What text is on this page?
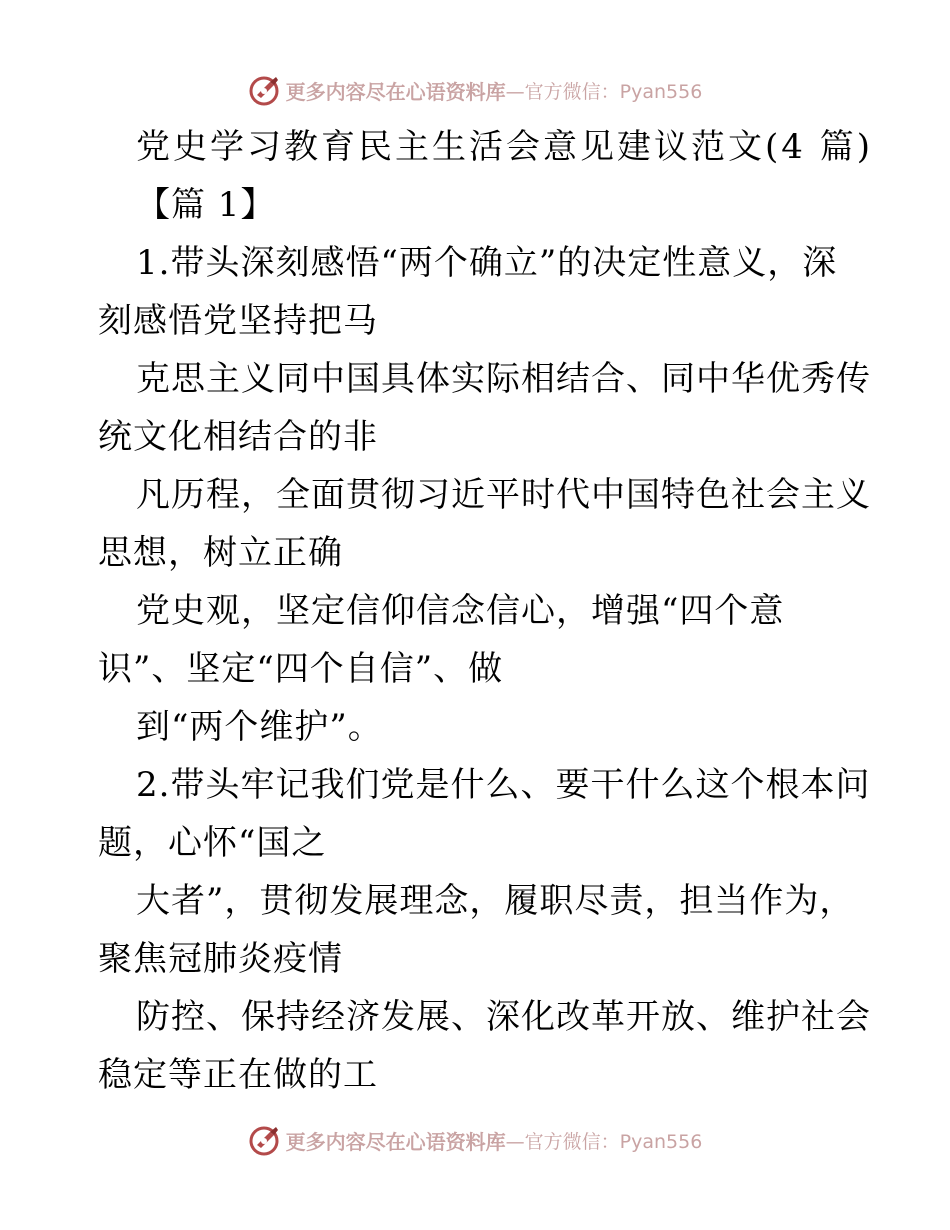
更多内容尽在心语资料库 —官方微信：Pyan556
党史学习教育民主生活会意见建议范文(4 篇)
【篇 1】
1.带头深刻感悟“两个确立”的决定性意义，深
刻感悟党坚持把马
克思主义同中国具体实际相结合、同中华优秀传
统文化相结合的非
凡历程，全面贯彻习近平时代中国特色社会主义
思想，树立正确
党史观，坚定信仰信念信心，增强“四个意
识”、坚定“四个自信”、做
到“两个维护”。
2.带头牢记我们党是什么、要干什么这个根本问
题，心怀“国之
大者”，贯彻发展理念，履职尽责，担当作为，
聚焦冠肺炎疫情
防控、保持经济发展、深化改革开放、维护社会
稳定等正在做的工
更多内容尽在心语资料库 —官方微信：Pyan556
